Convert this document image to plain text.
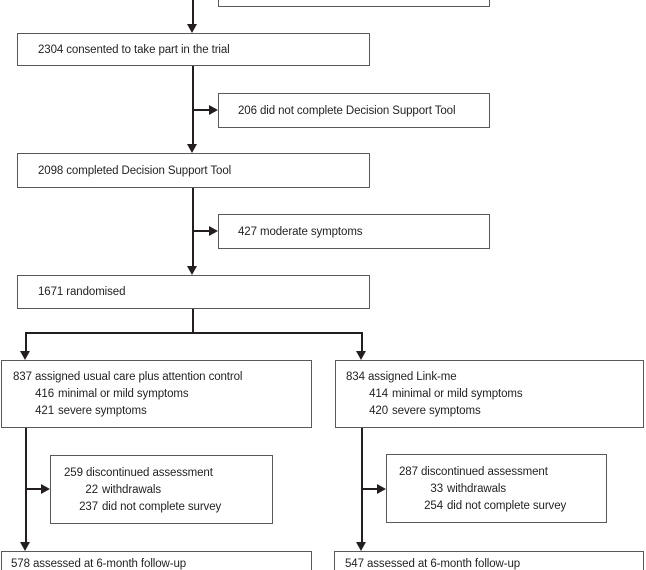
2304 consented to take part in the trial
206 did not complete Decision Support Tool
2098 completed Decision Support Tool
427 moderate symptoms
1671 randomised
837 assigned usual care plus attention control
416 minimal or mild symptoms
421 severe symptoms
834 assigned Link-me
414 minimal or mild symptoms
420 severe symptoms
259 discontinued assessment
22 withdrawals
237 did not complete survey
287 discontinued assessment
33 withdrawals
254 did not complete survey
578 assessed at 6-month follow-up	547 assessed at 6-month follow-up
